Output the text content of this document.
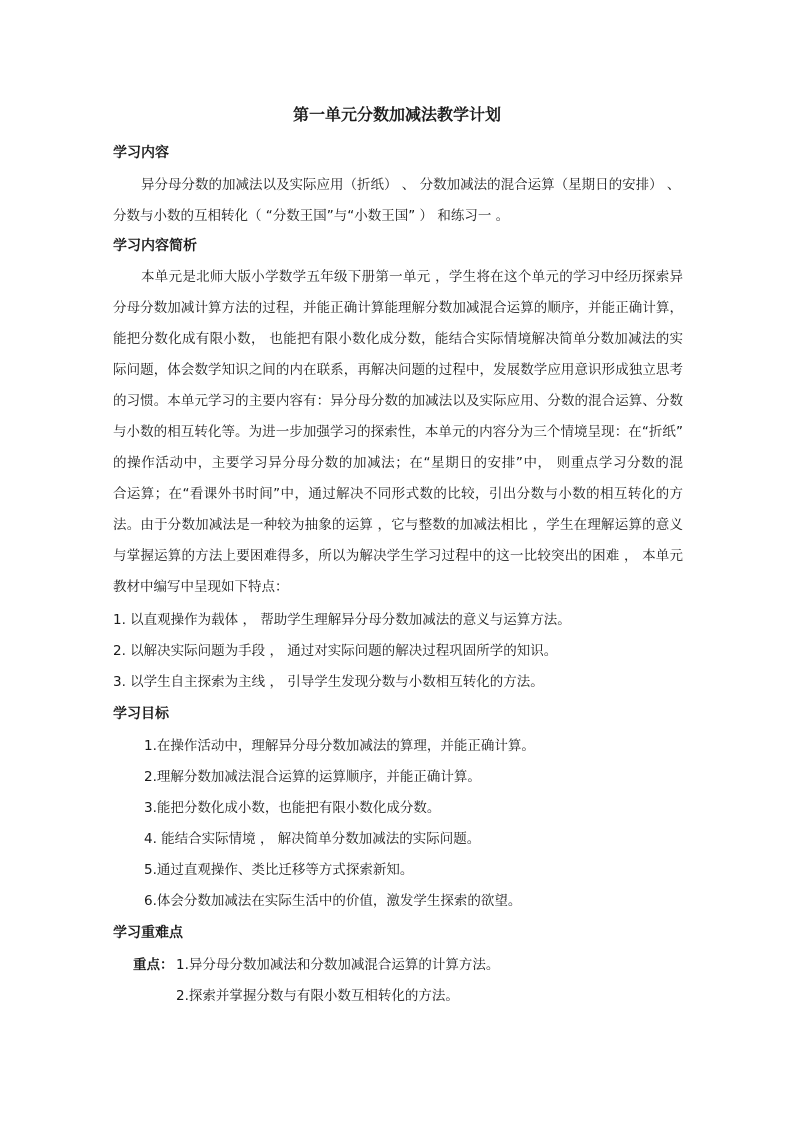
第一单元分数加减法教学计划
学习内容
异分母分数的加减法以及实际应用（折纸） 、 分数加减法的混合运算（星期日的安排） 、
分数与小数的互相转化（ “分数王国”与“小数王国” ） 和练习一 。
学习内容简析
本单元是北师大版小学数学五年级下册第一单元 ，学生将在这个单元的学习中经历探索异
分母分数加减计算方法的过程，并能正确计算能理解分数加减混合运算的顺序，并能正确计算，
能把分数化成有限小数， 也能把有限小数化成分数，能结合实际情境解决简单分数加减法的实
际问题，体会数学知识之间的内在联系，再解决问题的过程中，发展数学应用意识形成独立思考
的习惯。本单元学习的主要内容有：异分母分数的加减法以及实际应用、分数的混合运算、分数
与小数的相互转化等。为进一步加强学习的探索性，本单元的内容分为三个情境呈现：在“折纸”
的操作活动中，主要学习异分母分数的加减法；在“星期日的安排”中， 则重点学习分数的混
合运算；在“看课外书时间”中，通过解决不同形式数的比较，引出分数与小数的相互转化的方
法。由于分数加减法是一种较为抽象的运算 ，它与整数的加减法相比 ，学生在理解运算的意义
与掌握运算的方法上要困难得多，所以为解决学生学习过程中的这一比较突出的困难 ， 本单元
教材中编写中呈现如下特点：
1. 以直观操作为载体 ， 帮助学生理解异分母分数加减法的意义与运算方法。
2. 以解决实际问题为手段 ， 通过对实际问题的解决过程巩固所学的知识。
3. 以学生自主探索为主线 ， 引导学生发现分数与小数相互转化的方法。
学习目标
1.在操作活动中，理解异分母分数加减法的算理，并能正确计算。
2.理解分数加减法混合运算的运算顺序，并能正确计算。
3.能把分数化成小数，也能把有限小数化成分数。
4. 能结合实际情境 ， 解决简单分数加减法的实际问题。
5.通过直观操作、类比迁移等方式探索新知。
6.体会分数加减法在实际生活中的价值，激发学生探索的欲望。
学习重难点
重点： 1.异分母分数加减法和分数加减混合运算的计算方法。
2.探索并掌握分数与有限小数互相转化的方法。
